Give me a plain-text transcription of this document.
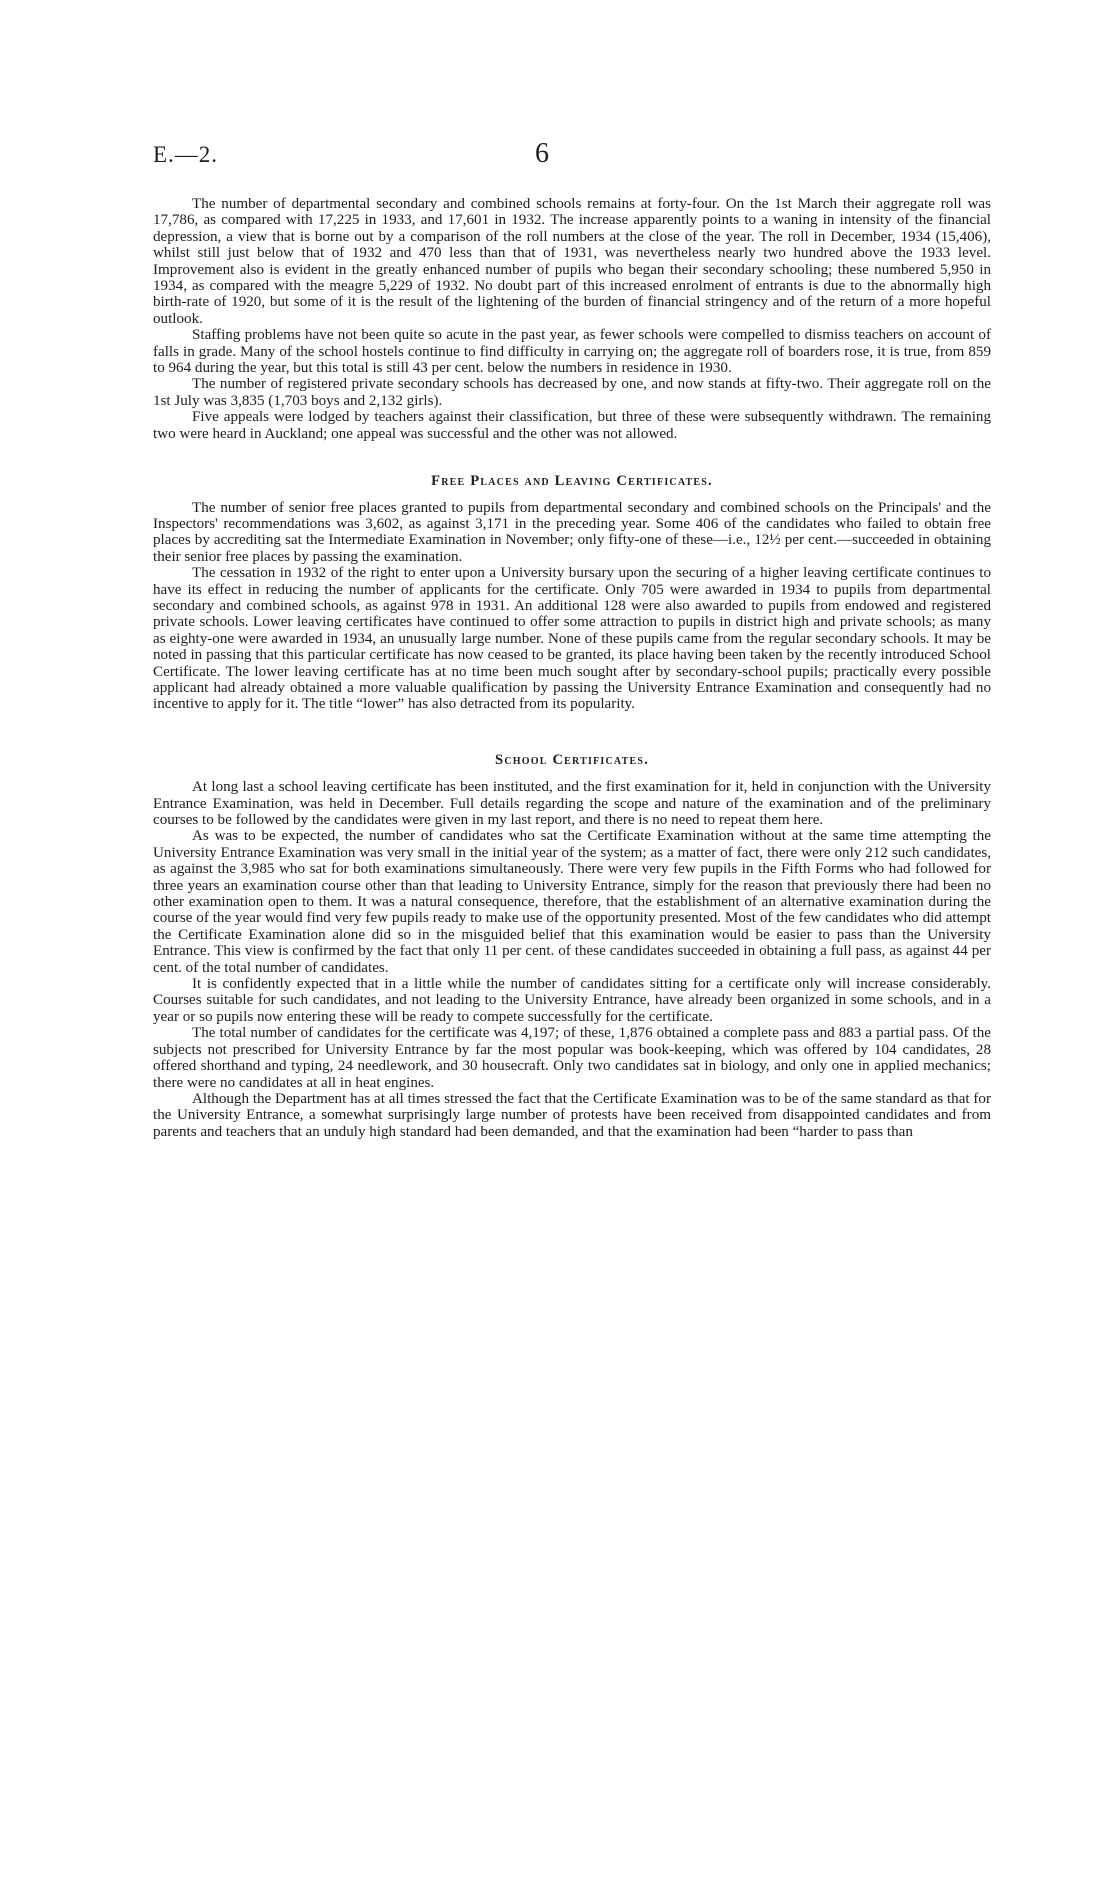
E.—2.	6

The number of departmental secondary and combined schools remains at forty-four. On the 1st March their aggregate roll was 17,786, as compared with 17,225 in 1933, and 17,601 in 1932. The increase apparently points to a waning in intensity of the financial depression, a view that is borne out by a comparison of the roll numbers at the close of the year. The roll in December, 1934 (15,406), whilst still just below that of 1932 and 470 less than that of 1931, was nevertheless nearly two hundred above the 1933 level. Improvement also is evident in the greatly enhanced number of pupils who began their secondary schooling; these numbered 5,950 in 1934, as compared with the meagre 5,229 of 1932. No doubt part of this increased enrolment of entrants is due to the abnormally high birth-rate of 1920, but some of it is the result of the lightening of the burden of financial stringency and of the return of a more hopeful outlook.

Staffing problems have not been quite so acute in the past year, as fewer schools were compelled to dismiss teachers on account of falls in grade. Many of the school hostels continue to find difficulty in carrying on; the aggregate roll of boarders rose, it is true, from 859 to 964 during the year, but this total is still 43 per cent. below the numbers in residence in 1930.

The number of registered private secondary schools has decreased by one, and now stands at fifty-two. Their aggregate roll on the 1st July was 3,835 (1,703 boys and 2,132 girls).

Five appeals were lodged by teachers against their classification, but three of these were subsequently withdrawn. The remaining two were heard in Auckland; one appeal was successful and the other was not allowed.

Free Places and Leaving Certificates.

The number of senior free places granted to pupils from departmental secondary and combined schools on the Principals' and the Inspectors' recommendations was 3,602, as against 3,171 in the preceding year. Some 406 of the candidates who failed to obtain free places by accrediting sat the Intermediate Examination in November; only fifty-one of these—i.e., 12½ per cent.—succeeded in obtaining their senior free places by passing the examination.

The cessation in 1932 of the right to enter upon a University bursary upon the securing of a higher leaving certificate continues to have its effect in reducing the number of applicants for the certificate. Only 705 were awarded in 1934 to pupils from departmental secondary and combined schools, as against 978 in 1931. An additional 128 were also awarded to pupils from endowed and registered private schools. Lower leaving certificates have continued to offer some attraction to pupils in district high and private schools; as many as eighty-one were awarded in 1934, an unusually large number. None of these pupils came from the regular secondary schools. It may be noted in passing that this particular certificate has now ceased to be granted, its place having been taken by the recently introduced School Certificate. The lower leaving certificate has at no time been much sought after by secondary-school pupils; practically every possible applicant had already obtained a more valuable qualification by passing the University Entrance Examination and consequently had no incentive to apply for it. The title “lower” has also detracted from its popularity.

School Certificates.

At long last a school leaving certificate has been instituted, and the first examination for it, held in conjunction with the University Entrance Examination, was held in December. Full details regarding the scope and nature of the examination and of the preliminary courses to be followed by the candidates were given in my last report, and there is no need to repeat them here.

As was to be expected, the number of candidates who sat the Certificate Examination without at the same time attempting the University Entrance Examination was very small in the initial year of the system; as a matter of fact, there were only 212 such candidates, as against the 3,985 who sat for both examinations simultaneously. There were very few pupils in the Fifth Forms who had followed for three years an examination course other than that leading to University Entrance, simply for the reason that previously there had been no other examination open to them. It was a natural consequence, therefore, that the establishment of an alternative examination during the course of the year would find very few pupils ready to make use of the opportunity presented. Most of the few candidates who did attempt the Certificate Examination alone did so in the misguided belief that this examination would be easier to pass than the University Entrance. This view is confirmed by the fact that only 11 per cent. of these candidates succeeded in obtaining a full pass, as against 44 per cent. of the total number of candidates.

It is confidently expected that in a little while the number of candidates sitting for a certificate only will increase considerably. Courses suitable for such candidates, and not leading to the University Entrance, have already been organized in some schools, and in a year or so pupils now entering these will be ready to compete successfully for the certificate.

The total number of candidates for the certificate was 4,197; of these, 1,876 obtained a complete pass and 883 a partial pass. Of the subjects not prescribed for University Entrance by far the most popular was book-keeping, which was offered by 104 candidates, 28 offered shorthand and typing, 24 needlework, and 30 housecraft. Only two candidates sat in biology, and only one in applied mechanics; there were no candidates at all in heat engines.

Although the Department has at all times stressed the fact that the Certificate Examination was to be of the same standard as that for the University Entrance, a somewhat surprisingly large number of protests have been received from disappointed candidates and from parents and teachers that an unduly high standard had been demanded, and that the examination had been “harder to pass than
